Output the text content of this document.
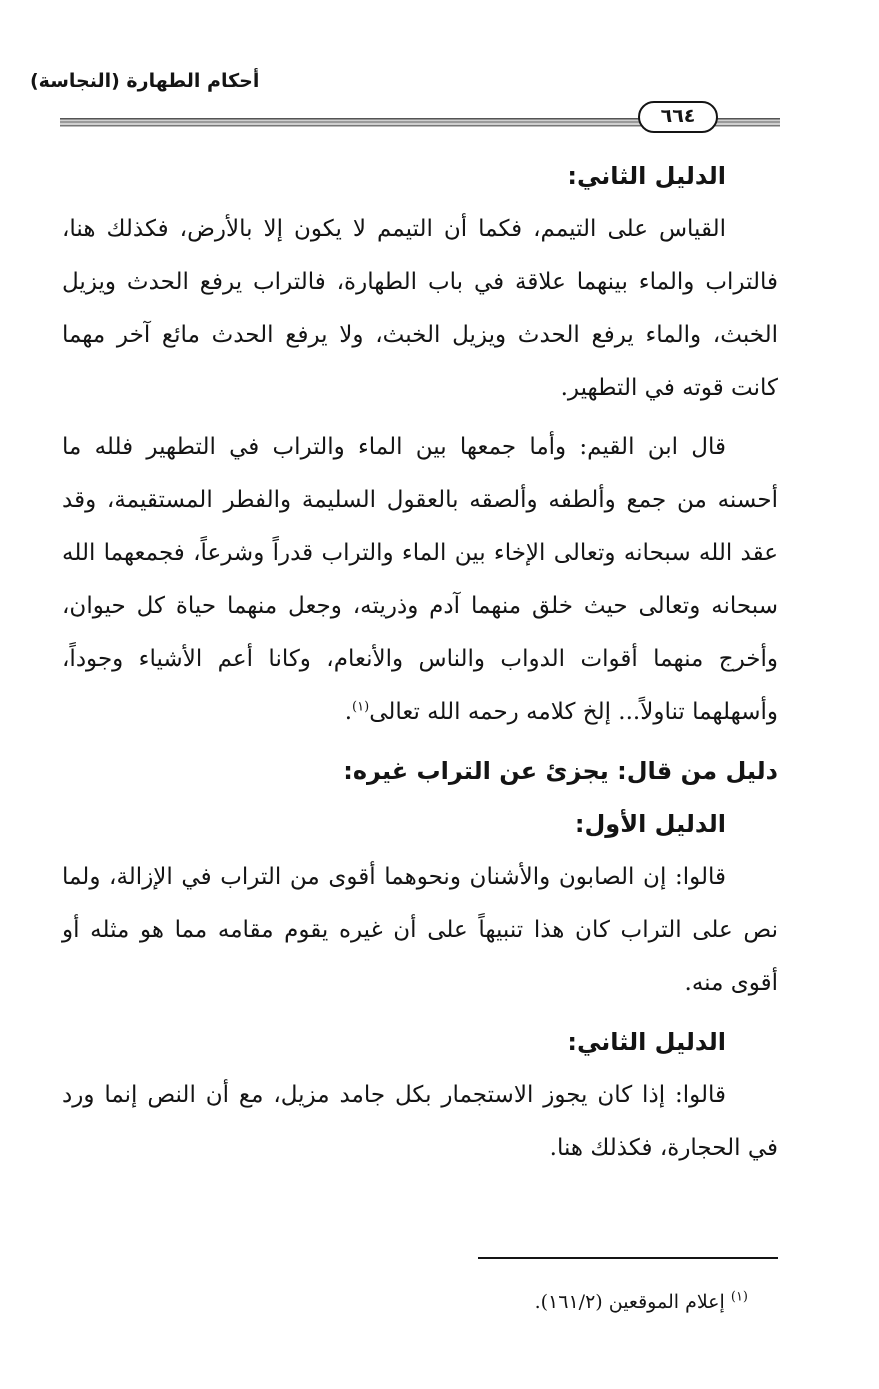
أحكام الطهارة (النجاسة)
٦٦٤

الدليل الثاني:

القياس على التيمم، فكما أن التيمم لا يكون إلا بالأرض، فكذلك هنا، فالتراب والماء بينهما علاقة في باب الطهارة، فالتراب يرفع الحدث ويزيل الخبث، والماء يرفع الحدث ويزيل الخبث، ولا يرفع الحدث مائع آخر مهما كانت قوته في التطهير.

قال ابن القيم: وأما جمعها بين الماء والتراب في التطهير فلله ما أحسنه من جمع وألطفه وألصقه بالعقول السليمة والفطر المستقيمة، وقد عقد الله سبحانه وتعالى الإخاء بين الماء والتراب قدراً وشرعاً، فجمعهما الله سبحانه وتعالى حيث خلق منهما آدم وذريته، وجعل منهما حياة كل حيوان، وأخرج منهما أقوات الدواب والناس والأنعام، وكانا أعم الأشياء وجوداً، وأسهلهما تناولاً... إلخ كلامه رحمه الله تعالى$^{(١)}$.

دليل من قال: يجزئ عن التراب غيره:

الدليل الأول:

قالوا: إن الصابون والأشنان ونحوهما أقوى من التراب في الإزالة، ولما نص على التراب كان هذا تنبيهاً على أن غيره يقوم مقامه مما هو مثله أو أقوى منه.

الدليل الثاني:

قالوا: إذا كان يجوز الاستجمار بكل جامد مزيل، مع أن النص إنما ورد في الحجارة، فكذلك هنا.

$^{(١)}$ إعلام الموقعين (١٦١/٢).
